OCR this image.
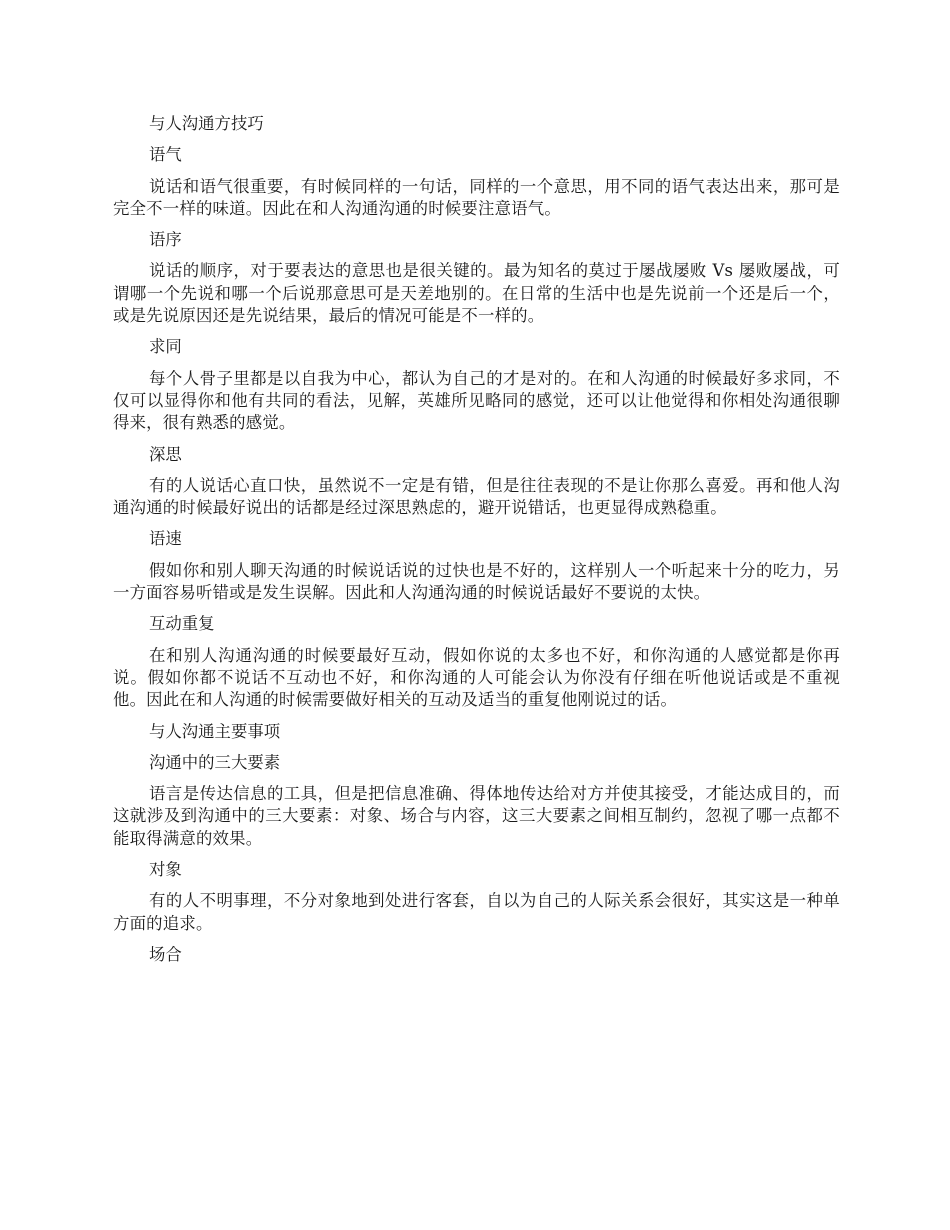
与人沟通方技巧

语气

说话和语气很重要，有时候同样的一句话，同样的一个意思，用不同的语气表达出来，那可是完全不一样的味道。因此在和人沟通沟通的时候要注意语气。

语序

说话的顺序，对于要表达的意思也是很关键的。最为知名的莫过于屡战屡败 Vs 屡败屡战，可谓哪一个先说和哪一个后说那意思可是天差地别的。在日常的生活中也是先说前一个还是后一个，或是先说原因还是先说结果，最后的情况可能是不一样的。

求同

每个人骨子里都是以自我为中心，都认为自己的才是对的。在和人沟通的时候最好多求同，不仅可以显得你和他有共同的看法，见解，英雄所见略同的感觉，还可以让他觉得和你相处沟通很聊得来，很有熟悉的感觉。

深思

有的人说话心直口快，虽然说不一定是有错，但是往往表现的不是让你那么喜爱。再和他人沟通沟通的时候最好说出的话都是经过深思熟虑的，避开说错话，也更显得成熟稳重。

语速

假如你和别人聊天沟通的时候说话说的过快也是不好的，这样别人一个听起来十分的吃力，另一方面容易听错或是发生误解。因此和人沟通沟通的时候说话最好不要说的太快。

互动重复

在和别人沟通沟通的时候要最好互动，假如你说的太多也不好，和你沟通的人感觉都是你再说。假如你都不说话不互动也不好，和你沟通的人可能会认为你没有仔细在听他说话或是不重视他。因此在和人沟通的时候需要做好相关的互动及适当的重复他刚说过的话。

与人沟通主要事项

沟通中的三大要素

语言是传达信息的工具，但是把信息准确、得体地传达给对方并使其接受，才能达成目的，而这就涉及到沟通中的三大要素：对象、场合与内容，这三大要素之间相互制约，忽视了哪一点都不能取得满意的效果。

对象

有的人不明事理，不分对象地到处进行客套，自以为自己的人际关系会很好，其实这是一种单方面的追求。

场合
